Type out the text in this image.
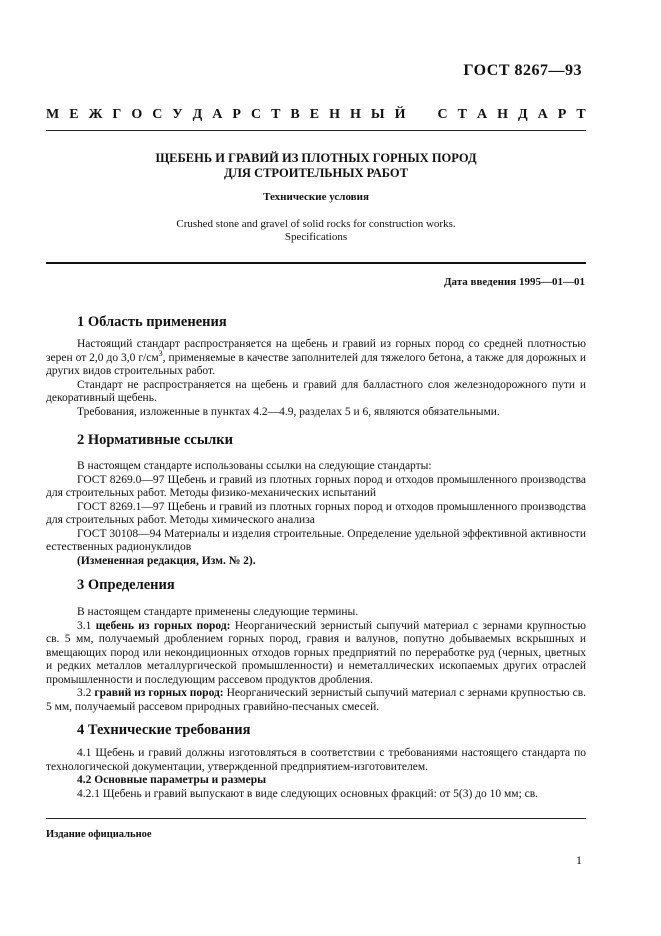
ГОСТ 8267—93
М Е Ж Г О С У Д А Р С Т В Е Н Н Ы Й С Т А Н Д А Р Т
ЩЕБЕНЬ И ГРАВИЙ ИЗ ПЛОТНЫХ ГОРНЫХ ПОРОД
ДЛЯ СТРОИТЕЛЬНЫХ РАБОТ
Технические условия
Crushed stone and gravel of solid rocks for construction works.
Specifications
Дата введения 1995—01—01
1 Область применения

Настоящий стандарт распространяется на щебень и гравий из горных пород со средней плотностью зерен от 2,0 до 3,0 $г/см^3$, применяемые в качестве заполнителей для тяжелого бетона, а также для дорожных и других видов строительных работ.

Стандарт не распространяется на щебень и гравий для балластного слоя железнодорожного пути и декоративный щебень.

Требования, изложенные в пунктах 4.2—4.9, разделах 5 и 6, являются обязательными.

2 Нормативные ссылки

В настоящем стандарте использованы ссылки на следующие стандарты:

ГОСТ 8269.0—97 Щебень и гравий из плотных горных пород и отходов промышленного производства для строительных работ. Методы физико-механических испытаний

ГОСТ 8269.1—97 Щебень и гравий из плотных горных пород и отходов промышленного производства для строительных работ. Методы химического анализа

ГОСТ 30108—94 Материалы и изделия строительные. Определение удельной эффективной активности естественных радионуклидов

(Измененная редакция, Изм. № 2).

3 Определения

В настоящем стандарте применены следующие термины.

3.1 щебень из горных пород: Неорганический зернистый сыпучий материал с зернами крупностью св. 5 мм, получаемый дроблением горных пород, гравия и валунов, попутно добываемых вскрышных и вмещающих пород или некондиционных отходов горных предприятий по переработке руд (черных, цветных и редких металлов металлургической промышленности) и неметаллических ископаемых других отраслей промышленности и последующим рассевом продуктов дробления.

3.2 гравий из горных пород: Неорганический зернистый сыпучий материал с зернами крупностью св. 5 мм, получаемый рассевом природных гравийно-песчаных смесей.

4 Технические требования

4.1 Щебень и гравий должны изготовляться в соответствии с требованиями настоящего стандарта по технологической документации, утвержденной предприятием-изготовителем.

4.2 Основные параметры и размеры

4.2.1 Щебень и гравий выпускают в виде следующих основных фракций: от 5(3) до 10 мм; св.

Издание официальное
1
